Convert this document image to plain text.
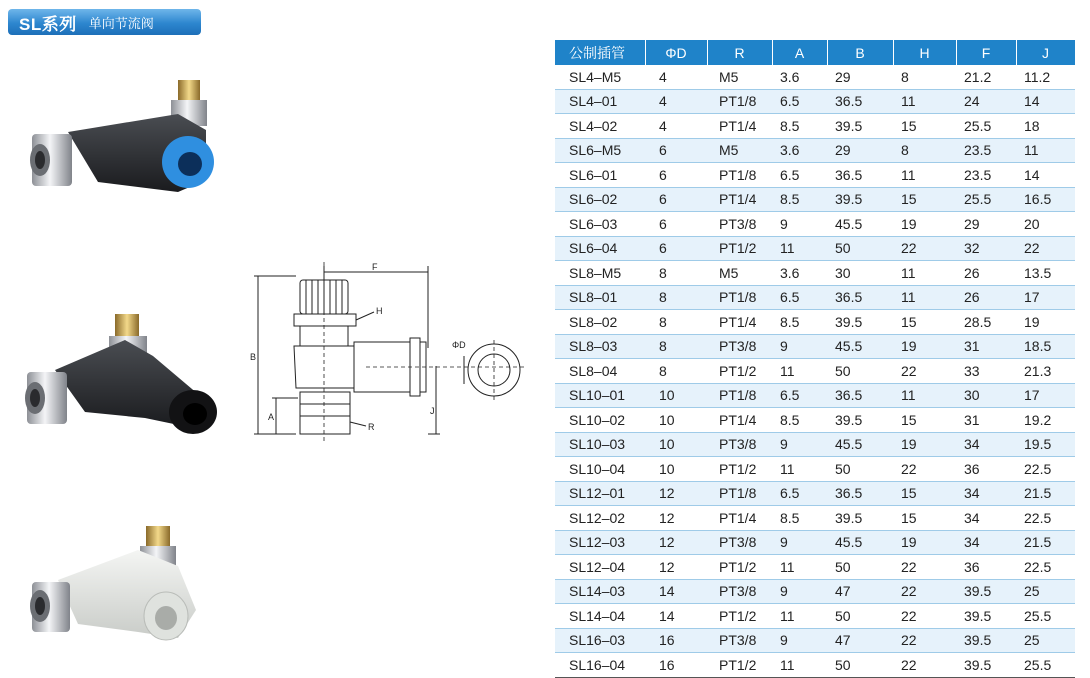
SL系列 单向节流阀
F
H
B
A
R
J
ΦD
公制插管	ΦD	R	A	B	H	F	J
SL4–M5	4	M5	3.6	29	8	21.2	11.2
SL4–01	4	PT1/8	6.5	36.5	11	24	14
SL4–02	4	PT1/4	8.5	39.5	15	25.5	18
SL6–M5	6	M5	3.6	29	8	23.5	11
SL6–01	6	PT1/8	6.5	36.5	11	23.5	14
SL6–02	6	PT1/4	8.5	39.5	15	25.5	16.5
SL6–03	6	PT3/8	9	45.5	19	29	20
SL6–04	6	PT1/2	11	50	22	32	22
SL8–M5	8	M5	3.6	30	11	26	13.5
SL8–01	8	PT1/8	6.5	36.5	11	26	17
SL8–02	8	PT1/4	8.5	39.5	15	28.5	19
SL8–03	8	PT3/8	9	45.5	19	31	18.5
SL8–04	8	PT1/2	11	50	22	33	21.3
SL10–01	10	PT1/8	6.5	36.5	11	30	17
SL10–02	10	PT1/4	8.5	39.5	15	31	19.2
SL10–03	10	PT3/8	9	45.5	19	34	19.5
SL10–04	10	PT1/2	11	50	22	36	22.5
SL12–01	12	PT1/8	6.5	36.5	15	34	21.5
SL12–02	12	PT1/4	8.5	39.5	15	34	22.5
SL12–03	12	PT3/8	9	45.5	19	34	21.5
SL12–04	12	PT1/2	11	50	22	36	22.5
SL14–03	14	PT3/8	9	47	22	39.5	25
SL14–04	14	PT1/2	11	50	22	39.5	25.5
SL16–03	16	PT3/8	9	47	22	39.5	25
SL16–04	16	PT1/2	11	50	22	39.5	25.5
